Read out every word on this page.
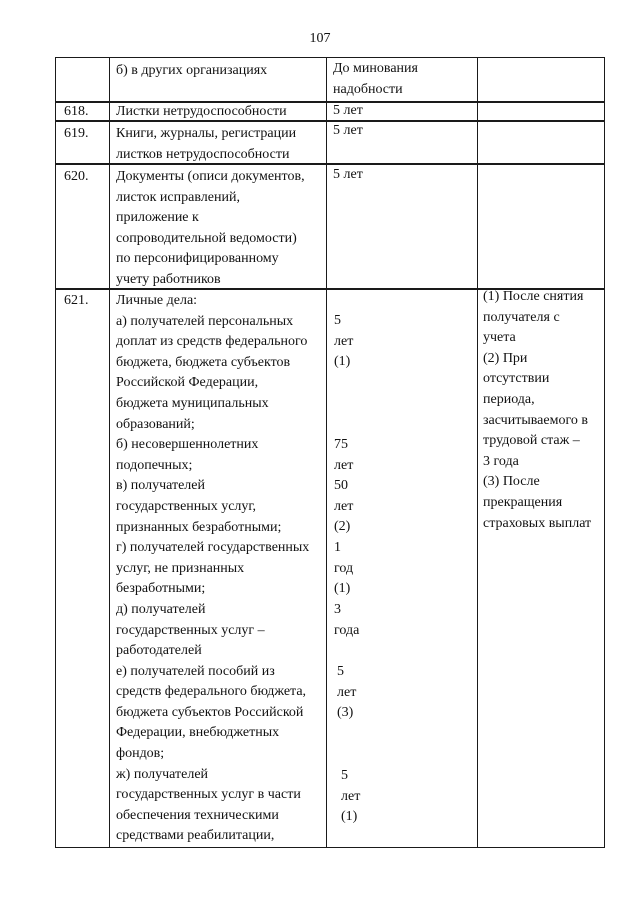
107
б) в других организациях	До минования
надобности
618. Листки нетрудоспособности	5 лет
619. Книги, журналы, регистрации
листков нетрудоспособности
5 лет
620. Документы (описи документов,
листок исправлений,
приложение к
сопроводительной ведомости)
по персонифицированному
учету работников
5 лет
621. Личные дела:
а) получателей персональных
доплат из средств федерального
бюджета, бюджета субъектов
Российской Федерации,
бюджета муниципальных
образований;
б) несовершеннолетних
подопечных;
в) получателей
государственных услуг,
признанных безработными;
г) получателей государственных
услуг, не признанных
безработными;
д) получателей
государственных услуг –
работодателей
е) получателей пособий из
средств федерального бюджета,
бюджета субъектов Российской
Федерации, внебюджетных
фондов;
ж) получателей
государственных услуг в части
обеспечения техническими
средствами реабилитации,
5 лет (1)
75 лет
50 лет (2)
1 год (1)
3 года
5 лет (3)
5 лет (1)
(1) После снятия
получателя с
учета
(2) При
отсутствии
периода,
засчитываемого в
трудовой стаж –
3 года
(3) После
прекращения
страховых выплат
